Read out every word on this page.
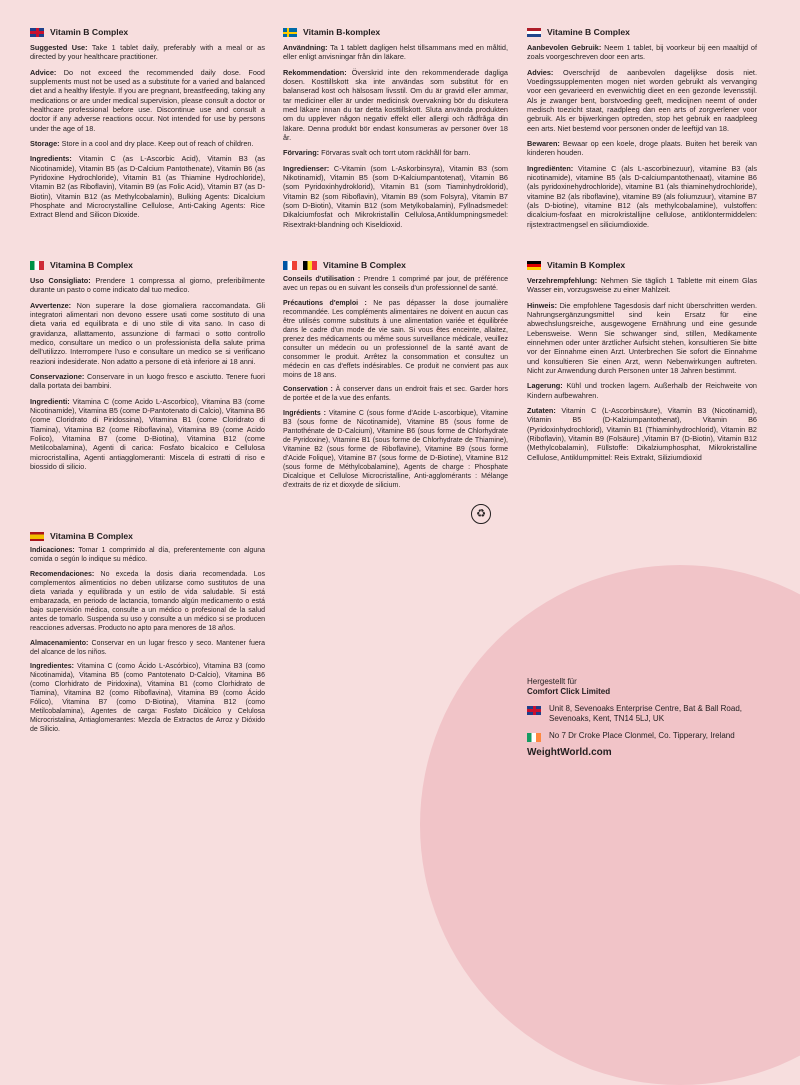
Vitamin B Complex

Suggested Use: Take 1 tablet daily, preferably with a meal or as directed by your healthcare practitioner.

Advice: Do not exceed the recommended daily dose. Food supplements must not be used as a substitute for a varied and balanced diet and a healthy lifestyle. If you are pregnant, breastfeeding, taking any medications or are under medical supervision, please consult a doctor or healthcare professional before use. Discontinue use and consult a doctor if any adverse reactions occur. Not intended for use by persons under the age of 18.

Storage: Store in a cool and dry place. Keep out of reach of children.

Ingredients: Vitamin C (as L-Ascorbic Acid), Vitamin B3 (as Nicotinamide), Vitamin B5 (as D-Calcium Pantothenate), Vitamin B6 (as Pyridoxine Hydrochloride), Vitamin B1 (as Thiamine Hydrochloride), Vitamin B2 (as Riboflavin), Vitamin B9 (as Folic Acid), Vitamin B7 (as D-Biotin), Vitamin B12 (as Methylcobalamin), Bulking Agents: Dicalcium Phosphate and Microcrystalline Cellulose, Anti-Caking Agents: Rice Extract Blend and Silicon Dioxide.

Vitamin B-komplex

Användning: Ta 1 tablett dagligen helst tillsammans med en måltid, eller enligt anvisningar från din läkare.

Rekommendation: Överskrid inte den rekommenderade dagliga dosen. Kosttillskott ska inte användas som substitut för en balanserad kost och hälsosam livsstil. Om du är gravid eller ammar, tar mediciner eller är under medicinsk övervakning bör du diskutera med läkare innan du tar detta kosttillskott. Sluta använda produkten om du upplever någon negativ effekt eller allergi och rådfråga din läkare. Denna produkt bör endast konsumeras av personer över 18 år.

Förvaring: Förvaras svalt och torrt utom räckhåll för barn.

Ingredienser: C-Vitamin (som L-Askorbinsyra), Vitamin B3 (som Nikotinamid), Vitamin B5 (som D-Kalciumpantotenat), Vitamin B6 (som Pyridoxinhydroklorid), Vitamin B1 (som Tiaminhydroklorid), Vitamin B2 (som Riboflavin), Vitamin B9 (som Folsyra), Vitamin B7 (som D-Biotin), Vitamin B12 (som Metylkobalamin), Fyllnadsmedel: Dikalciumfosfat och Mikrokristallin Cellulosa,Antiklumpningsmedel: Risextrakt-blandning och Kiseldioxid.

Vitamine B Complex

Aanbevolen Gebruik: Neem 1 tablet, bij voorkeur bij een maaltijd of zoals voorgeschreven door een arts.

Advies: Overschrijd de aanbevolen dagelijkse dosis niet. Voedingssupplementen mogen niet worden gebruikt als vervanging voor een gevarieerd en evenwichtig dieet en een gezonde levensstijl. Als je zwanger bent, borstvoeding geeft, medicijnen neemt of onder medisch toezicht staat, raadpleeg dan een arts of zorgverlener voor gebruik. Als er bijwerkingen optreden, stop het gebruik en raadpleeg een arts. Niet bestemd voor personen onder de leeftijd van 18.

Bewaren: Bewaar op een koele, droge plaats. Buiten het bereik van kinderen houden.

Ingrediënten: Vitamine C (als L-ascorbinezuur), vitamine B3 (als nicotinamide), vitamine B5 (als D-calciumpantothenaat), vitamine B6 (als pyridoxinehydrochloride), vitamine B1 (als thiaminehydrochloride), vitamine B2 (als riboflavine), vitamine B9 (als foliumzuur), vitamine B7 (als D-biotine), vitamine B12 (als methylcobalamine), vulstoffen: dicalcium-fosfaat en microkristallijne cellulose, antiklontermiddelen: rijstextractmengsel en siliciumdioxide.

Vitamina B Complex

Uso Consigliato: Prendere 1 compressa al giorno, preferibilmente durante un pasto o come indicato dal tuo medico.

Avvertenze: Non superare la dose giornaliera raccomandata. Gli integratori alimentari non devono essere usati come sostituto di una dieta varia ed equilibrata e di uno stile di vita sano. In caso di gravidanza, allattamento, assunzione di farmaci o sotto controllo medico, consultare un medico o un professionista della salute prima dell'utilizzo. Interrompere l'uso e consultare un medico se si verificano reazioni indesiderate. Non adatto a persone di età inferiore ai 18 anni.

Conservazione: Conservare in un luogo fresco e asciutto. Tenere fuori dalla portata dei bambini.

Ingredienti: Vitamina C (come Acido L-Ascorbico), Vitamina B3 (come Nicotinamide), Vitamina B5 (come D-Pantotenato di Calcio), Vitamina B6 (come Cloridrato di Piridossina), Vitamina B1 (come Cloridrato di Tiamina), Vitamina B2 (come Riboflavina), Vitamina B9 (come Acido Folico), Vitamina B7 (come D-Biotina), Vitamina B12 (come Metilcobalamina), Agenti di carica: Fosfato bicalcico e Cellulosa microcristallina, Agenti antiagglomeranti: Miscela di estratti di riso e biossido di silicio.

Vitamine B Complex

Conseils d'utilisation : Prendre 1 comprimé par jour, de préférence avec un repas ou en suivant les conseils d'un professionnel de santé.

Précautions d'emploi : Ne pas dépasser la dose journalière recommandée. Les compléments alimentaires ne doivent en aucun cas être utilisés comme substituts à une alimentation variée et équilibrée dans le cadre d'un mode de vie sain. Si vous êtes enceinte, allaitez, prenez des médicaments ou même sous surveillance médicale, veuillez consulter un médecin ou un professionnel de la santé avant de consommer le produit. Arrêtez la consommation et consultez un médecin en cas d'effets indésirables. Ce produit ne convient pas aux moins de 18 ans.

Conservation : À conserver dans un endroit frais et sec. Garder hors de portée et de la vue des enfants.

Ingrédients : Vitamine C (sous forme d'Acide L-ascorbique), Vitamine B3 (sous forme de Nicotinamide), Vitamine B5 (sous forme de Pantothénate de D-Calcium), Vitamine B6 (sous forme de Chlorhydrate de Pyridoxine), Vitamine B1 (sous forme de Chlorhydrate de Thiamine), Vitamine B2 (sous forme de Riboflavine), Vitamine B9 (sous forme d'Acide Folique), Vitamine B7 (sous forme de D-Biotine), Vitamine B12 (sous forme de Méthylcobalamine), Agents de charge : Phosphate Dicalcique et Cellulose Microcristalline, Anti-agglomérants : Mélange d'extraits de riz et dioxyde de silicium.

♻
Vitamin B Komplex

Verzehrempfehlung: Nehmen Sie täglich 1 Tablette mit einem Glas Wasser ein, vorzugsweise zu einer Mahlzeit.

Hinweis: Die empfohlene Tagesdosis darf nicht überschritten werden. Nahrungsergänzungsmittel sind kein Ersatz für eine abwechslungsreiche, ausgewogene Ernährung und eine gesunde Lebensweise. Wenn Sie schwanger sind, stillen, Medikamente einnehmen oder unter ärztlicher Aufsicht stehen, konsultieren Sie bitte vor der Einnahme einen Arzt. Unterbrechen Sie sofort die Einnahme und konsultieren Sie einen Arzt, wenn Nebenwirkungen auftreten. Nicht zur Anwendung durch Personen unter 18 Jahren bestimmt.

Lagerung: Kühl und trocken lagern. Außerhalb der Reichweite von Kindern aufbewahren.

Zutaten: Vitamin C (L-Ascorbinsäure), Vitamin B3 (Nicotinamid), Vitamin B5 (D-Kalziumpantothenat), Vitamin B6 (Pyridoxinhydrochlorid), Vitamin B1 (Thiaminhydrochlorid), Vitamin B2 (Riboflavin), Vitamin B9 (Folsäure) ,Vitamin B7 (D-Biotin), Vitamin B12 (Methylcobalamin), Füllstoffe: Dikalziumphosphat, Mikrokristalline Cellulose, Antiklumpmittel: Reis Extrakt, Siliziumdioxid

Vitamina B Complex

Indicaciones: Tomar 1 comprimido al día, preferentemente con alguna comida o según lo indique su médico.

Recomendaciones: No exceda la dosis diaria recomendada. Los complementos alimenticios no deben utilizarse como sustitutos de una dieta variada y equilibrada y un estilo de vida saludable. Si está embarazada, en periodo de lactancia, tomando algún medicamento o está bajo supervisión médica, consulte a un médico o profesional de la salud antes de tomarlo. Suspenda su uso y consulte a un médico si se producen reacciones adversas. Producto no apto para menores de 18 años.

Almacenamiento: Conservar en un lugar fresco y seco. Mantener fuera del alcance de los niños.

Ingredientes: Vitamina C (como Ácido L-Ascórbico), Vitamina B3 (como Nicotinamida), Vitamina B5 (como Pantotenato D-Calcio), Vitamina B6 (como Clorhidrato de Piridoxina), Vitamina B1 (como Clorhidrato de Tiamina), Vitamina B2 (como Riboflavina), Vitamina B9 (como Ácido Fólico), Vitamina B7 (como D-Biotina), Vitamina B12 (como Metilcobalamina), Agentes de carga: Fosfato Dicálcico y Celulosa Microcristalina, Antiaglomerantes: Mezcla de Extractos de Arroz y Dióxido de Silicio.

Hergestellt für
Comfort Click Limited
Unit 8, Sevenoaks Enterprise Centre, Bat & Ball Road, Sevenoaks, Kent, TN14 5LJ, UK
No 7 Dr Croke Place Clonmel, Co. Tipperary, Ireland
WeightWorld.com
